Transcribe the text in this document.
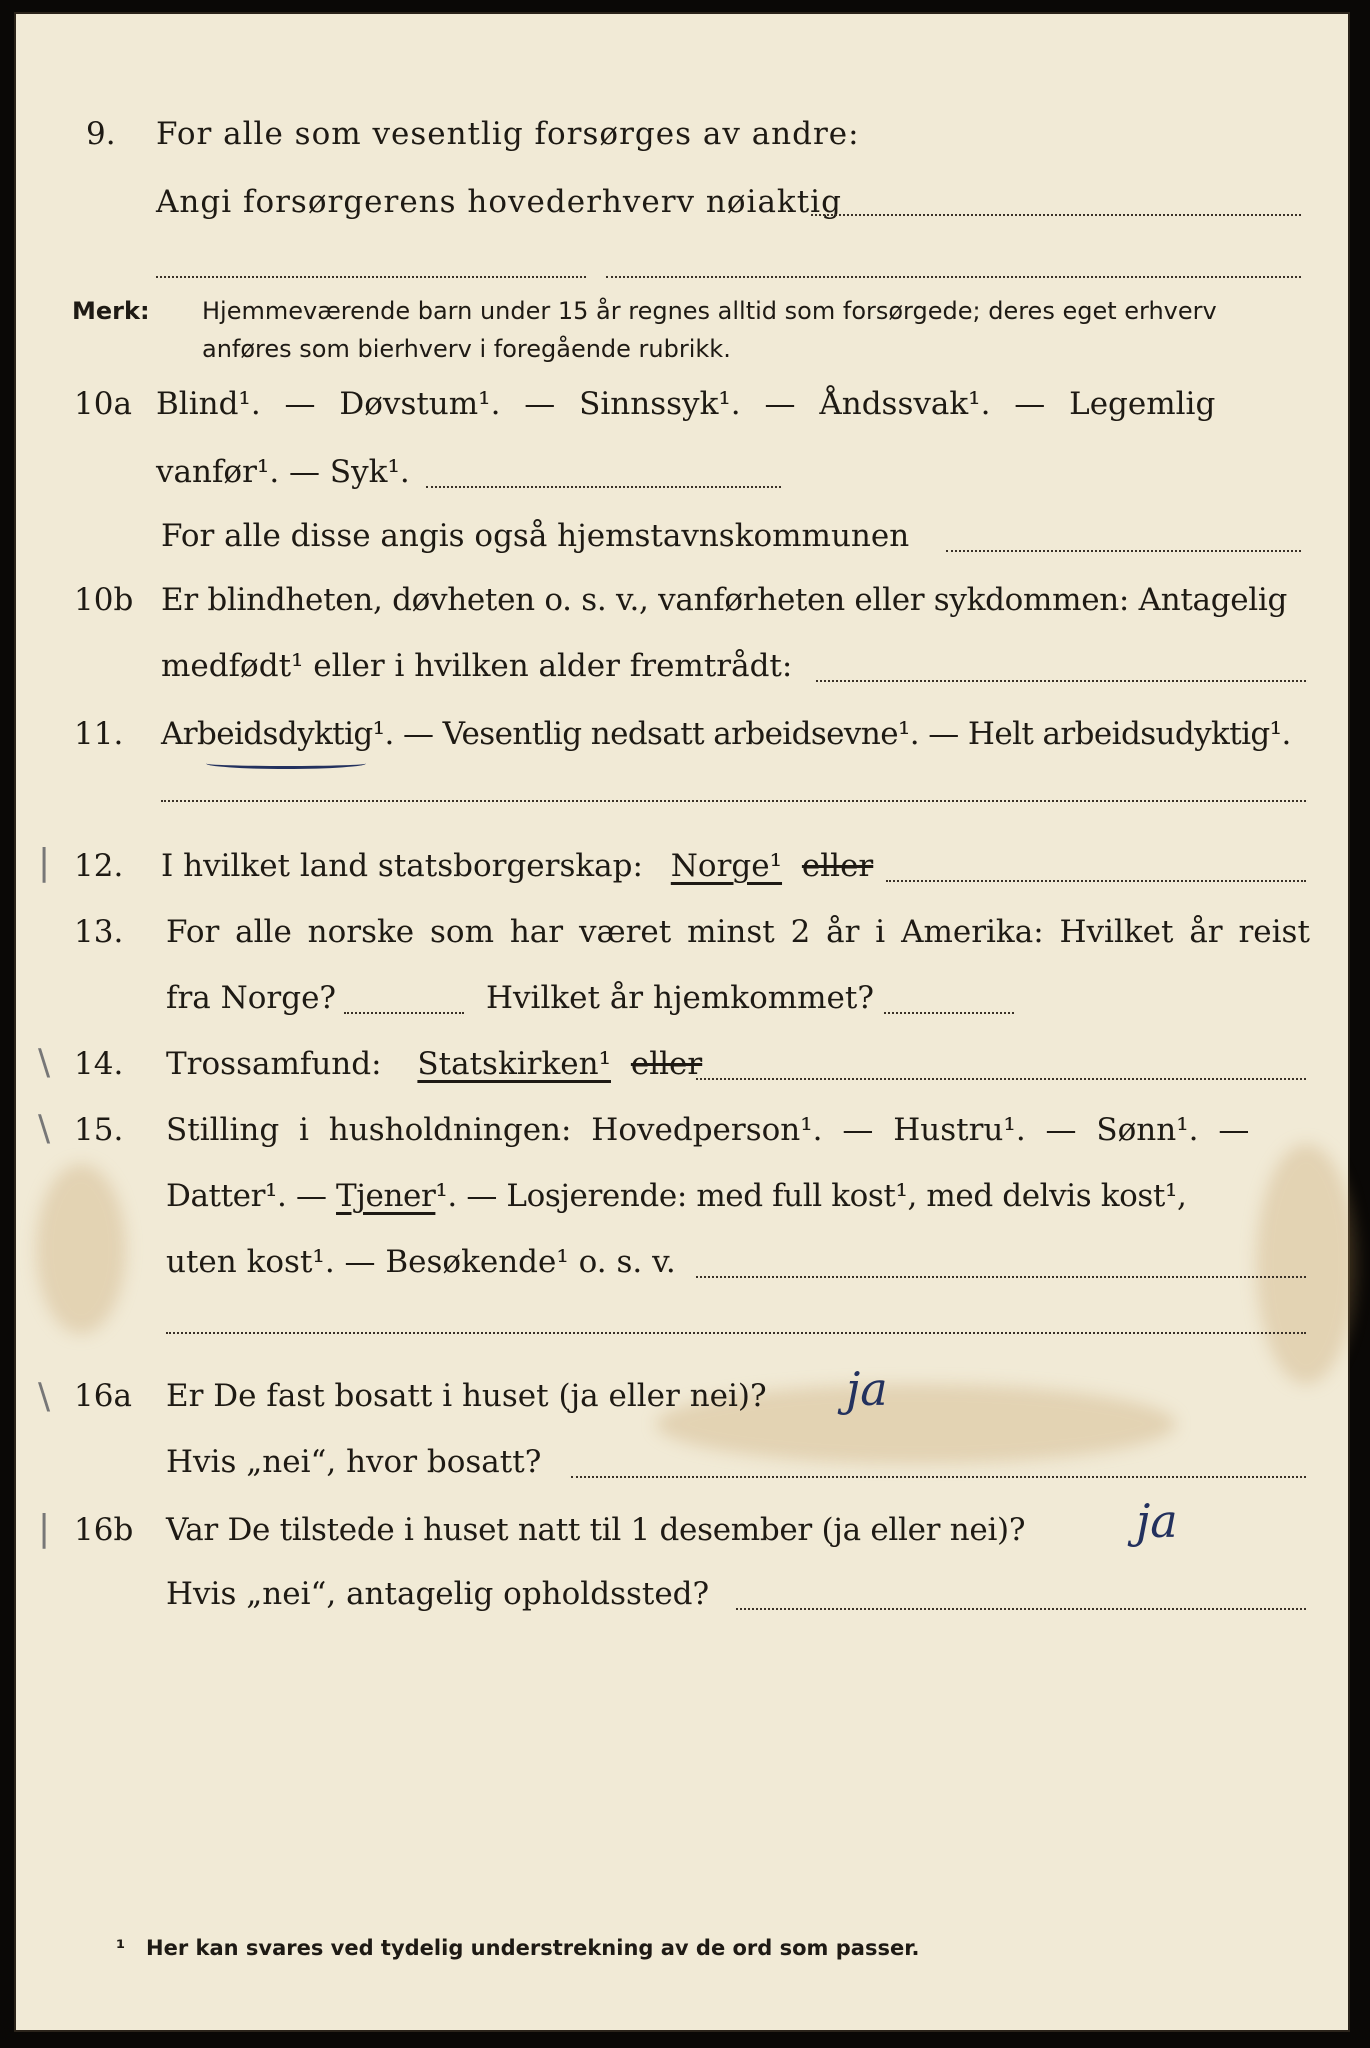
9. For alle som vesentlig forsørges av andre:
Angi forsørgerens hovederhverv nøiaktig
Merk: Hjemmeværende barn under 15 år regnes alltid som forsørgede; deres eget erhverv
anføres som bierhverv i foregående rubrikk.
10a Blind¹. — Døvstum¹. — Sinnssyk¹. — Åndssvak¹. — Legemlig
vanfør¹. — Syk¹.
For alle disse angis også hjemstavnskommunen
10b Er blindheten, døvheten o. s. v., vanførheten eller sykdommen: Antagelig
medfødt¹ eller i hvilken alder fremtrådt:
11. Arbeidsdyktig¹. — Vesentlig nedsatt arbeidsevne¹. — Helt arbeidsudyktig¹.
| 12. I hvilket land statsborgerskap: Norge¹ eller
13. For alle norske som har været minst 2 år i Amerika: Hvilket år reist
fra Norge?	Hvilket år hjemkommet?
\ 14. Trossamfund: Statskirken¹ eller
\ 15. Stilling i husholdningen: Hovedperson¹. — Hustru¹. — Sønn¹. —
Datter¹. — Tjener¹. — Losjerende: med full kost¹, med delvis kost¹,
uten kost¹. — Besøkende¹ o. s. v.
\ 16a Er De fast bosatt i huset (ja eller nei)? ja
Hvis „nei“, hvor bosatt?
| 16b Var De tilstede i huset natt til 1 desember (ja eller nei)? ja
Hvis „nei“, antagelig opholdssted?
¹ Her kan svares ved tydelig understrekning av de ord som passer.
